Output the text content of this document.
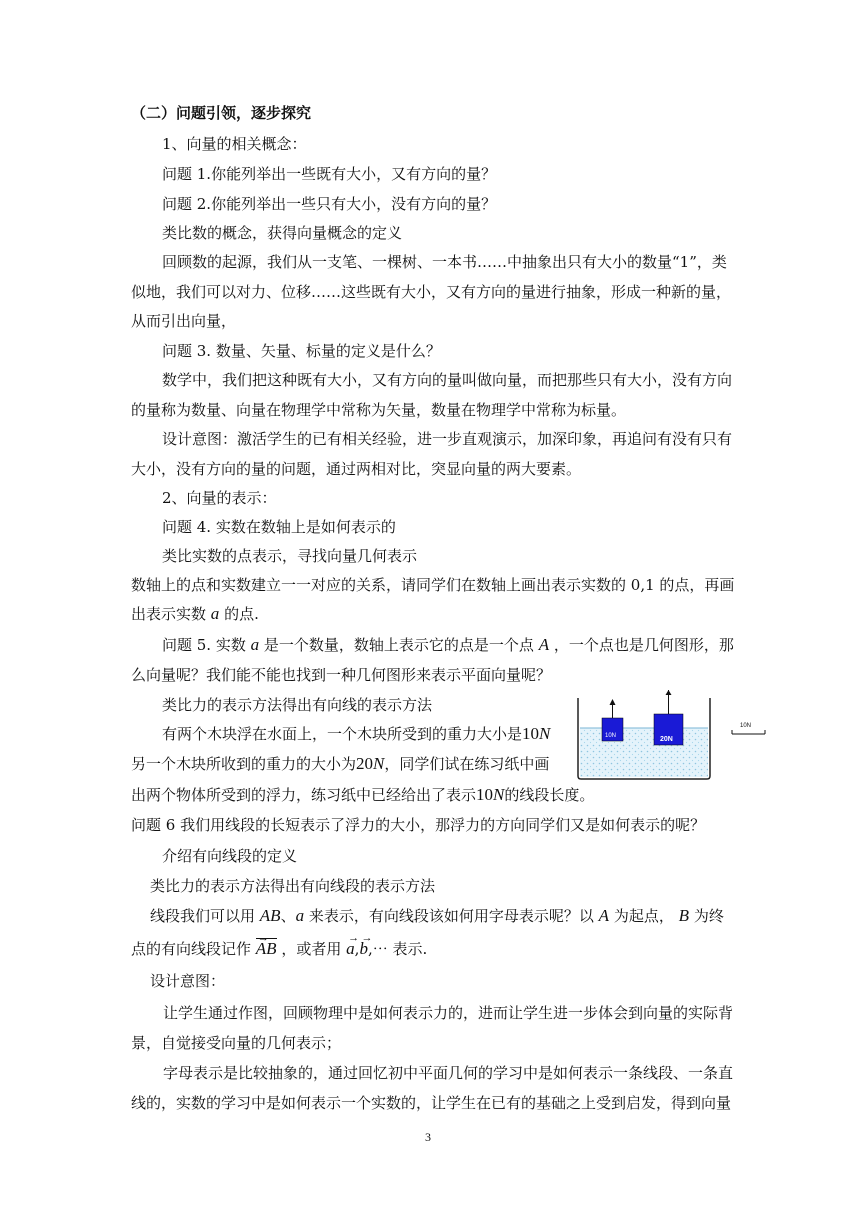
（二）问题引领，逐步探究
1、向量的相关概念：
问题 1.你能列举出一些既有大小，又有方向的量？
问题 2.你能列举出一些只有大小，没有方向的量？
类比数的概念，获得向量概念的定义
回顾数的起源，我们从一支笔、一棵树、一本书……中抽象出只有大小的数量“1”，类
似地，我们可以对力、位移……这些既有大小，又有方向的量进行抽象，形成一种新的量，
从而引出向量，
问题 3. 数量、矢量、标量的定义是什么？
数学中，我们把这种既有大小，又有方向的量叫做向量，而把那些只有大小，没有方向
的量称为数量、向量在物理学中常称为矢量，数量在物理学中常称为标量。
设计意图：激活学生的已有相关经验，进一步直观演示，加深印象，再追问有没有只有
大小，没有方向的量的问题，通过两相对比，突显向量的两大要素。
2、向量的表示：
问题 4. 实数在数轴上是如何表示的
类比实数的点表示，寻找向量几何表示
数轴上的点和实数建立一一对应的关系，请同学们在数轴上画出表示实数的 0,1 的点，再画
出表示实数 a 的点.
问题 5. 实数 a 是一个数量，数轴上表示它的点是一个点 A ，一个点也是几何图形，那
么向量呢？我们能不能也找到一种几何图形来表示平面向量呢？
类比力的表示方法得出有向线的表示方法
有两个木块浮在水面上，一个木块所受到的重力大小是10N
另一个木块所收到的重力的大小为20N，同学们试在练习纸中画
出两个物体所受到的浮力，练习纸中已经给出了表示10N的线段长度。
问题 6 我们用线段的长短表示了浮力的大小，那浮力的方向同学们又是如何表示的呢？
介绍有向线段的定义
类比力的表示方法得出有向线段的表示方法
线段我们可以用 AB、a 来表示，有向线段该如何用字母表示呢？以 A 为起点， B 为终
点的有向线段记作 → AB ，或者用 → a,→ b,⋯ 表示.
设计意图：
让学生通过作图，回顾物理中是如何表示力的，进而让学生进一步体会到向量的实际背
景，自觉接受向量的几何表示；
字母表示是比较抽象的，通过回忆初中平面几何的学习中是如何表示一条线段、一条直
线的，实数的学习中是如何表示一个实数的，让学生在已有的基础之上受到启发，得到向量
3
10N	20N
10N
